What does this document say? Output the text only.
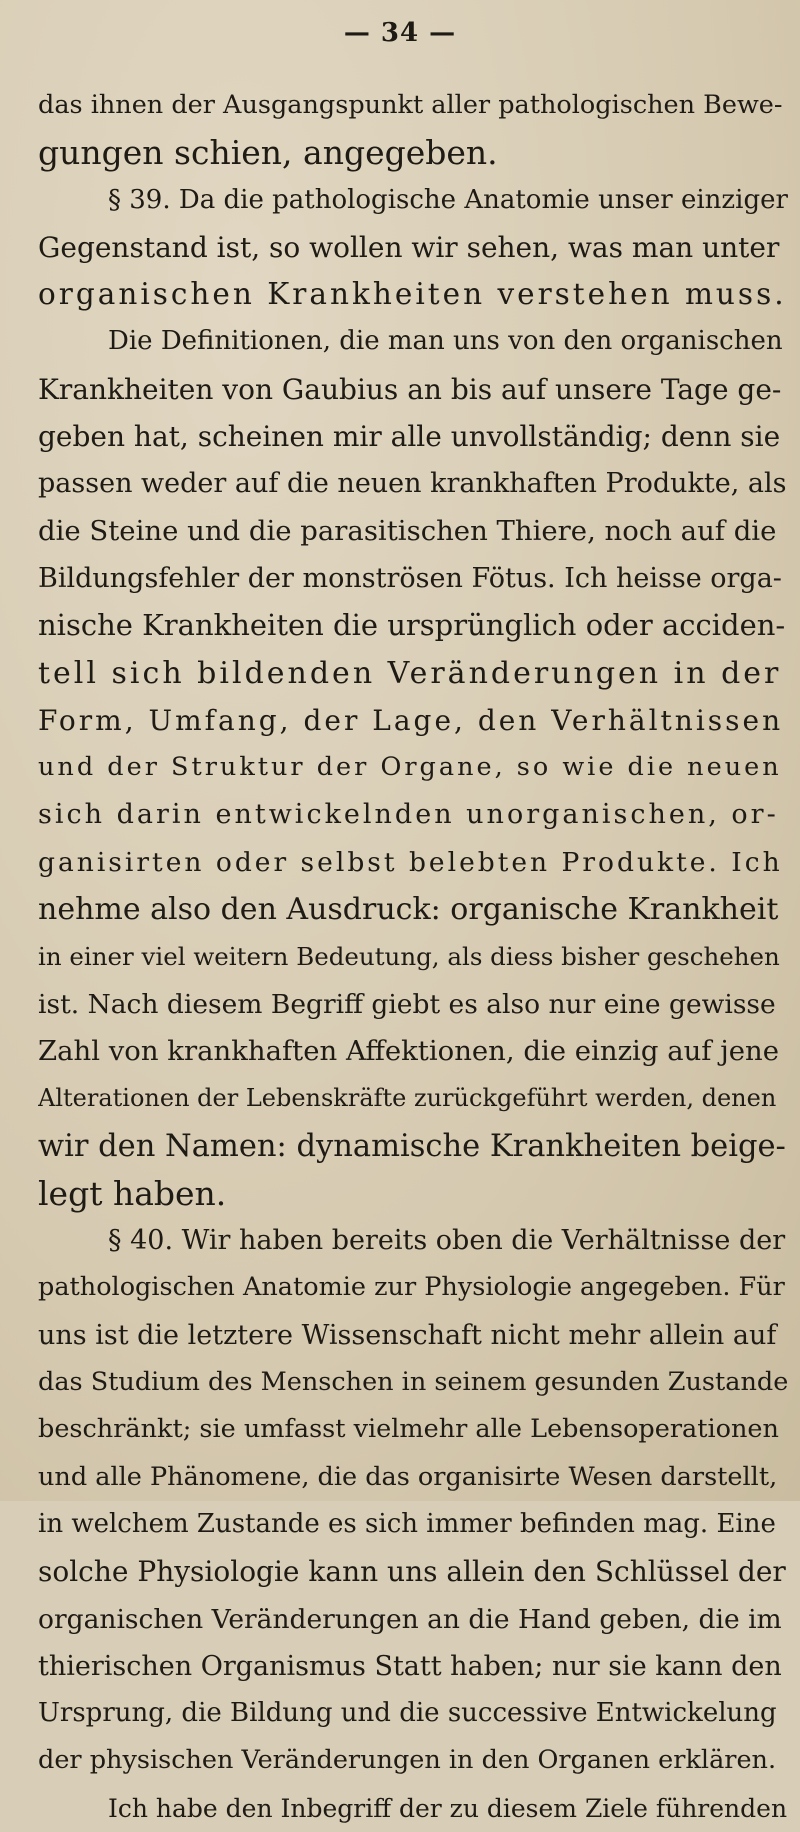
— 34 —
das ihnen der Ausgangspunkt aller pathologischen Bewe-
gungen schien, angegeben.
§ 39. Da die pathologische Anatomie unser einziger
Gegenstand ist, so wollen wir sehen, was man unter
organischen Krankheiten verstehen muss.
Die Definitionen, die man uns von den organischen
Krankheiten von Gaubius an bis auf unsere Tage ge-
geben hat, scheinen mir alle unvollständig; denn sie
passen weder auf die neuen krankhaften Produkte, als
die Steine und die parasitischen Thiere, noch auf die
Bildungsfehler der monströsen Fötus. Ich heisse orga-
nische Krankheiten die ursprünglich oder acciden-
tell sich bildenden Veränderungen in der
Form, Umfang, der Lage, den Verhältnissen
und der Struktur der Organe, so wie die neuen
sich darin entwickelnden unorganischen, or-
ganisirten oder selbst belebten Produkte. Ich
nehme also den Ausdruck: organische Krankheit
in einer viel weitern Bedeutung, als diess bisher geschehen
ist. Nach diesem Begriff giebt es also nur eine gewisse
Zahl von krankhaften Affektionen, die einzig auf jene
Alterationen der Lebenskräfte zurückgeführt werden, denen
wir den Namen: dynamische Krankheiten beige-
legt haben.
§ 40. Wir haben bereits oben die Verhältnisse der
pathologischen Anatomie zur Physiologie angegeben. Für
uns ist die letztere Wissenschaft nicht mehr allein auf
das Studium des Menschen in seinem gesunden Zustande
beschränkt; sie umfasst vielmehr alle Lebensoperationen
und alle Phänomene, die das organisirte Wesen darstellt,
in welchem Zustande es sich immer befinden mag. Eine
solche Physiologie kann uns allein den Schlüssel der
organischen Veränderungen an die Hand geben, die im
thierischen Organismus Statt haben; nur sie kann den
Ursprung, die Bildung und die successive Entwickelung
der physischen Veränderungen in den Organen erklären.
Ich habe den Inbegriff der zu diesem Ziele führenden
